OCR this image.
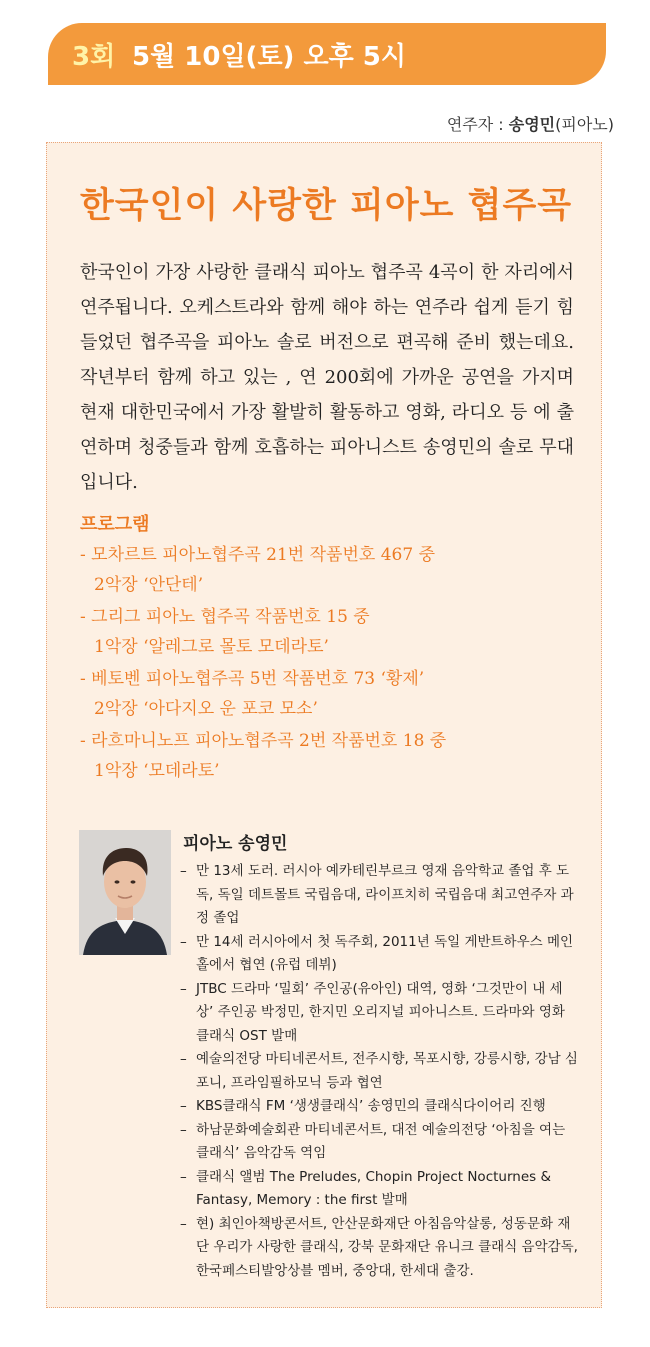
3회 5월 10일(토) 오후 5시
연주자 : 송영민(피아노)
한국인이 사랑한 피아노 협주곡
한국인이 가장 사랑한 클래식 피아노 협주곡 4곡이 한 자리에서 연주됩니다. 오케스트라와 함께 해야 하는 연주라 쉽게 듣기 힘들었던 협주곡을 피아노 솔로 버전으로 편곡해 준비 했는데요. 작년부터 함께 하고 있는 , 연 200회에 가까운 공연을 가지며 현재 대한민국에서 가장 활발히 활동하고 영화, 라디오 등 에 출연하며 청중들과 함께 호흡하는 피아니스트 송영민의 솔로 무대입니다.
프로그램
- 모차르트 피아노협주곡 21번 작품번호 467 중
2악장 ‘안단테’
- 그리그 피아노 협주곡 작품번호 15 중
1악장 ‘알레그로 몰토 모데라토’
- 베토벤 피아노협주곡 5번 작품번호 73 ‘황제’
2악장 ‘아다지오 운 포코 모소’
- 라흐마니노프 피아노협주곡 2번 작품번호 18 중
1악장 ‘모데라토’
피아노 송영민
– 만 13세 도러. 러시아 예카테린부르크 영재 음악학교 졸업 후 도독, 독일 데트몰트 국립음대, 라이프치히 국립음대 최고연주자 과정 졸업
– 만 14세 러시아에서 첫 독주회, 2011년 독일 게반트하우스 메인홀에서 협연 (유럽 데뷔)
– JTBC 드라마 ‘밀회’ 주인공(유아인) 대역, 영화 ‘그것만이 내 세상’ 주인공 박정민, 한지민 오리지널 피아니스트. 드라마와 영화 클래식 OST 발매
– 예술의전당 마티네콘서트, 전주시향, 목포시향, 강릉시향, 강남 심포니, 프라임필하모닉 등과 협연
– KBS클래식 FM ‘생생클래식’ 송영민의 클래식다이어리 진행
– 하남문화예술회관 마티네콘서트, 대전 예술의전당 ‘아침을 여는 클래식’ 음악감독 역임
– 클래식 앨범 The Preludes, Chopin Project Nocturnes & Fantasy, Memory : the first 발매
– 현) 최인아책방콘서트, 안산문화재단 아침음악살롱, 성동문화 재단 우리가 사랑한 클래식, 강북 문화재단 유니크 클래식 음악감독, 한국페스티발앙상블 멤버, 중앙대, 한세대 출강.
